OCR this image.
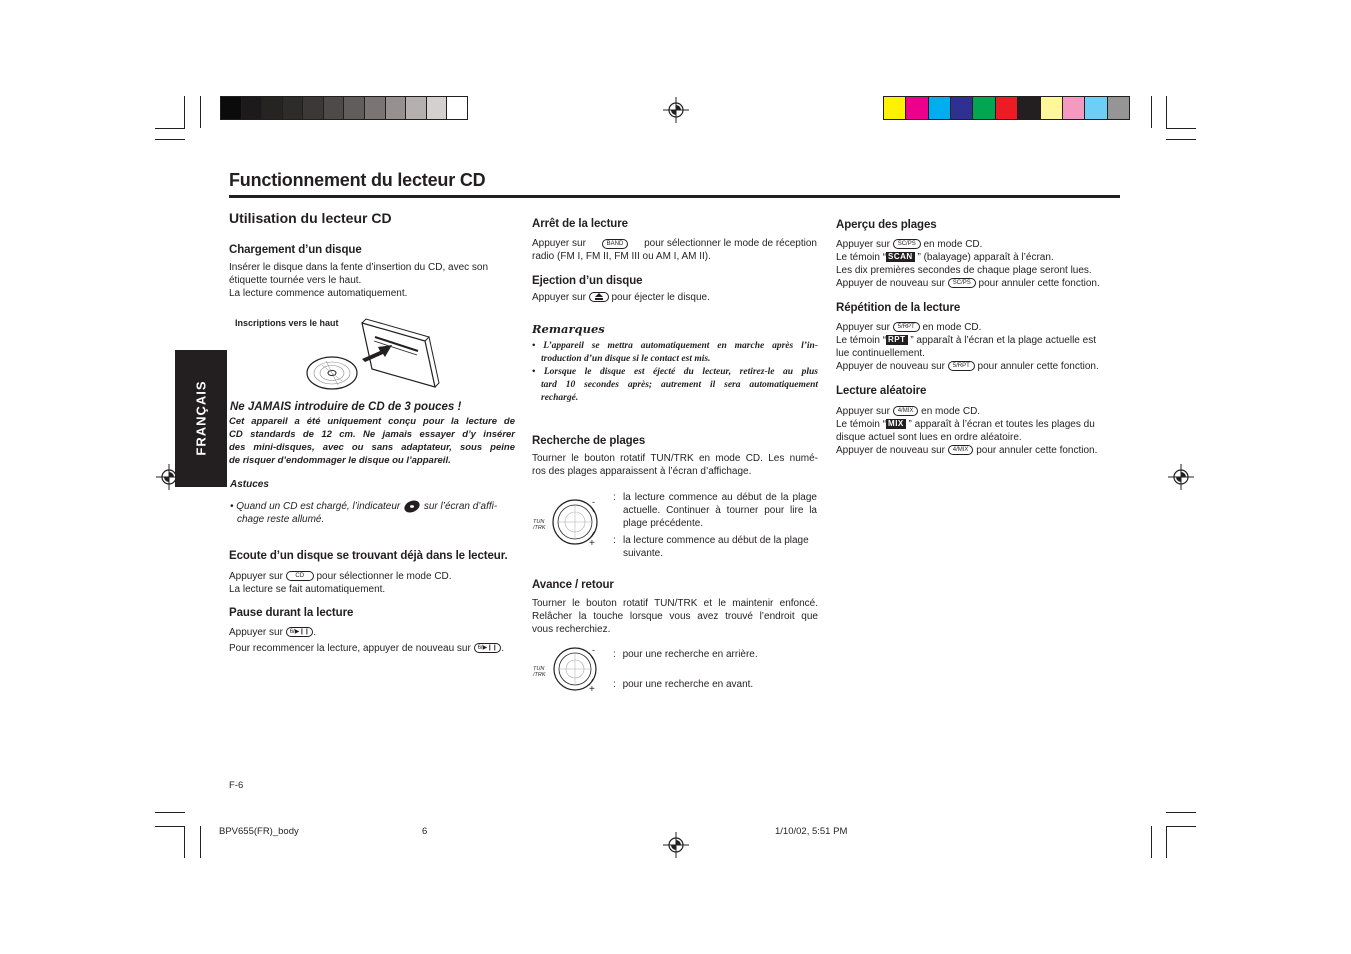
Functionnement du lecteur CD
FRANÇAIS
Utilisation du lecteur CD
Chargement d’un disque
Insérer le disque dans la fente d’insertion du CD, avec son
étiquette tournée vers le haut.
La lecture commence automatiquement.
Inscriptions vers le haut
Ne JAMAIS introduire de CD de 3 pouces !
Cet appareil a été uniquement conçu pour la lecture de
CD standards de 12 cm. Ne jamais essayer d’y insérer
des mini-disques, avec ou sans adaptateur, sous peine
de risquer d’endommager le disque ou l’appareil.
Astuces
• Quand un CD est chargé, l’indicateur sur l’écran d’affi-
chage reste allumé.
Ecoute d’un disque se trouvant déjà dans le lecteur.
Appuyer sur CD pour sélectionner le mode CD.
La lecture se fait automatiquement.
Pause durant la lecture
Appuyer sur 6/▶❙❙ .
Pour recommencer la lecture, appuyer de nouveau sur 6/▶❙❙ .
F-6
Arrêt de la lecture
Appuyer sur	BAND	pour sélectionner le mode de réception
radio (FM I, FM II, FM III ou AM I, AM II).
Ejection d’un disque
Appuyer sur	pour éjecter le disque.
Remarques
• L’appareil se mettra automatiquement en marche après l’in-
troduction d’un disque si le contact est mis.
• Lorsque le disque est éjecté du lecteur, retirez-le au plus
tard 10 secondes après; autrement il sera automatiquement
rechargé.
Recherche de plages
Tourner le bouton rotatif TUN/TRK en mode CD. Les numé-
ros des plages apparaissent à l’écran d’affichage.
-
+
TUN
/TRK
: la lecture commence au début de la plage
actuelle. Continuer à tourner pour lire la
plage précédente.
: la lecture commence au début de la plage
suivante.
Avance / retour
Tourner le bouton rotatif TUN/TRK et le maintenir enfoncé.
Relâcher la touche lorsque vous avez trouvé l’endroit que
vous recherchiez.
-
+
TUN
/TRK
: pour une recherche en arrière.
: pour une recherche en avant.
Aperçu des plages
Appuyer sur SC/PS en mode CD.
Le témoin “ SCAN ” (balayage) apparaît à l’écran.
Les dix premières secondes de chaque plage seront lues.
Appuyer de nouveau sur SC/PS pour annuler cette fonction.
Répétition de la lecture
Appuyer sur 5/RPT en mode CD.
Le témoin “ RPT ” apparaît à l’écran et la plage actuelle est
lue continuellement.
Appuyer de nouveau sur 5/RPT pour annuler cette fonction.
Lecture aléatoire
Appuyer sur 4/MIX en mode CD.
Le témoin “ MIX ” apparaît à l’écran et toutes les plages du
disque actuel sont lues en ordre aléatoire.
Appuyer de nouveau sur 4/MIX pour annuler cette fonction.
BPV655(FR)_body	6	1/10/02, 5:51 PM
